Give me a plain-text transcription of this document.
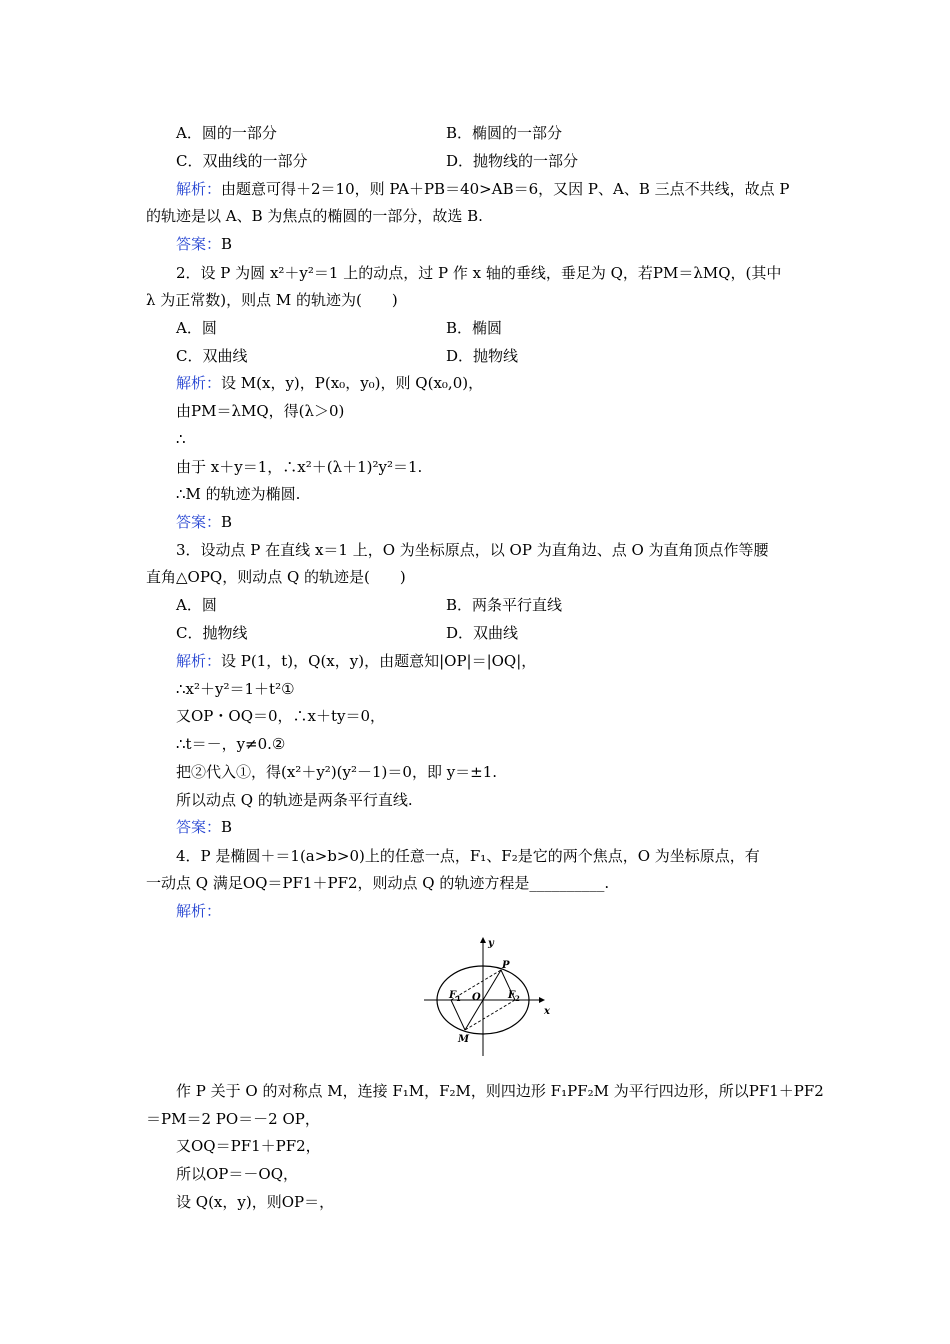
A．圆的一部分	B．椭圆的一部分
C．双曲线的一部分	D．抛物线的一部分
解析：由题意可得＋2＝10，则 PA＋PB＝40>AB＝6，又因 P、A、B 三点不共线，故点 P
的轨迹是以 A、B 为焦点的椭圆的一部分，故选 B.
答案：B
2．设 P 为圆 x²＋y²＝1 上的动点，过 P 作 x 轴的垂线，垂足为 Q，若PM＝λMQ，(其中
λ 为正常数)，则点 M 的轨迹为(　　)
A．圆	B．椭圆
C．双曲线	D．抛物线
解析：设 M(x，y)，P(x₀，y₀)，则 Q(x₀,0)，
由PM＝λMQ，得(λ＞0)
∴
由于 x＋y＝1，∴x²＋(λ＋1)²y²＝1.
∴M 的轨迹为椭圆.
答案：B
3．设动点 P 在直线 x＝1 上，O 为坐标原点，以 OP 为直角边、点 O 为直角顶点作等腰
直角△OPQ，则动点 Q 的轨迹是(　　)
A．圆	B．两条平行直线
C．抛物线	D．双曲线
解析：设 P(1，t)，Q(x，y)，由题意知|OP|＝|OQ|，
∴x²＋y²＝1＋t²①
又OP・OQ＝0，∴x＋ty＝0，
∴t＝－，y≠0.②
把②代入①，得(x²＋y²)(y²－1)＝0，即 y＝±1.
所以动点 Q 的轨迹是两条平行直线.
答案：B
4．P 是椭圆＋＝1(a>b>0)上的任意一点，F₁、F₂是它的两个焦点，O 为坐标原点，有
一动点 Q 满足OQ＝PF1＋PF2，则动点 Q 的轨迹方程是__________.
解析：
y
x
P
O
F 1	F 2
M
作 P 关于 O 的对称点 M，连接 F₁M，F₂M，则四边形 F₁PF₂M 为平行四边形，所以PF1＋PF2
＝PM＝2 PO＝－2 OP，
又OQ＝PF1＋PF2，
所以OP＝－OQ，
设 Q(x，y)，则OP＝，
